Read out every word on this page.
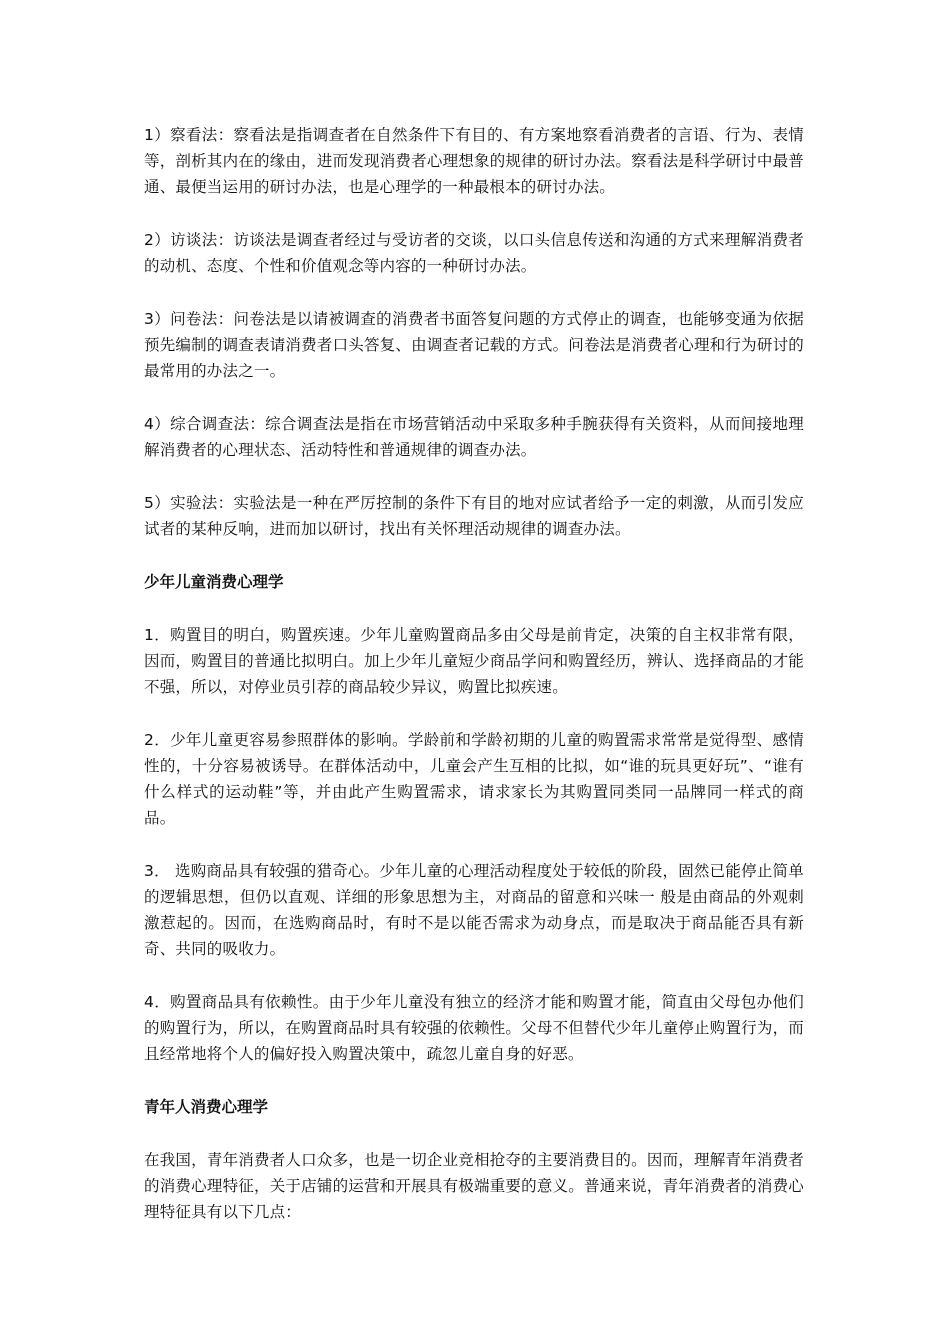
1）察看法：察看法是指调查者在自然条件下有目的、有方案地察看消费者的言语、行为、表情等，剖析其内在的缘由，进而发现消费者心理想象的规律的研讨办法。察看法是科学研讨中最普通、最便当运用的研讨办法，也是心理学的一种最根本的研讨办法。

2）访谈法：访谈法是调查者经过与受访者的交谈，以口头信息传送和沟通的方式来理解消费者的动机、态度、个性和价值观念等内容的一种研讨办法。

3）问卷法：问卷法是以请被调查的消费者书面答复问题的方式停止的调查，也能够变通为依据预先编制的调查表请消费者口头答复、由调查者记载的方式。问卷法是消费者心理和行为研讨的最常用的办法之一。

4）综合调查法：综合调查法是指在市场营销活动中采取多种手腕获得有关资料，从而间接地理解消费者的心理状态、活动特性和普通规律的调查办法。

5）实验法：实验法是一种在严厉控制的条件下有目的地对应试者给予一定的刺激，从而引发应试者的某种反响，进而加以研讨，找出有关怀理活动规律的调查办法。

少年儿童消费心理学

1．购置目的明白，购置疾速。少年儿童购置商品多由父母是前肯定，决策的自主权非常有限，因而，购置目的普通比拟明白。加上少年儿童短少商品学问和购置经历，辨认、选择商品的才能不强，所以，对停业员引荐的商品较少异议，购置比拟疾速。

2．少年儿童更容易参照群体的影响。学龄前和学龄初期的儿童的购置需求常常是觉得型、感情性的，十分容易被诱导。在群体活动中，儿童会产生互相的比拟，如“谁的玩具更好玩”、“谁有什么样式的运动鞋”等，并由此产生购置需求，请求家长为其购置同类同一品牌同一样式的商品。

3． 选购商品具有较强的猎奇心。少年儿童的心理活动程度处于较低的阶段，固然已能停止简单的逻辑思想，但仍以直观、详细的形象思想为主，对商品的留意和兴味一 般是由商品的外观刺激惹起的。因而，在选购商品时，有时不是以能否需求为动身点，而是取决于商品能否具有新奇、共同的吸收力。

4．购置商品具有依赖性。由于少年儿童没有独立的经济才能和购置才能，简直由父母包办他们的购置行为，所以，在购置商品时具有较强的依赖性。父母不但替代少年儿童停止购置行为，而且经常地将个人的偏好投入购置决策中，疏忽儿童自身的好恶。

青年人消费心理学

在我国，青年消费者人口众多，也是一切企业竞相抢夺的主要消费目的。因而，理解青年消费者的消费心理特征，关于店铺的运营和开展具有极端重要的意义。普通来说，青年消费者的消费心理特征具有以下几点：
